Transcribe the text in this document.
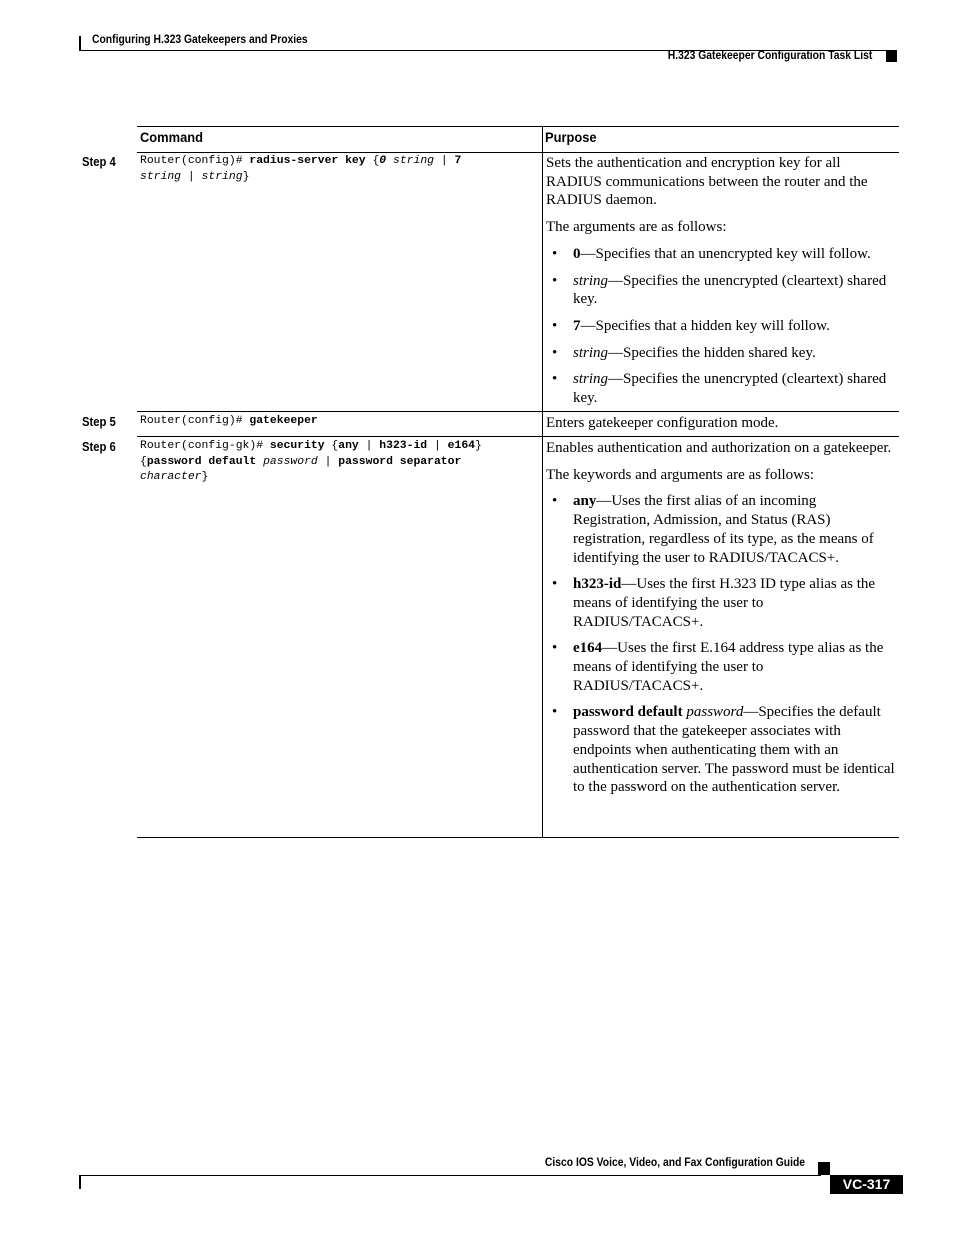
Configuring H.323 Gatekeepers and Proxies
H.323 Gatekeeper Configuration Task List
Command	Purpose
Step 4 Router(config)# radius-server key {0 string | 7
string | string}

Sets the authentication and encryption key for all RADIUS communications between the router and the RADIUS daemon.

The arguments are as follows:

• 0—Specifies that an unencrypted key will follow.
• string—Specifies the unencrypted (cleartext) shared key.
• 7—Specifies that a hidden key will follow.
• string—Specifies the hidden shared key.
• string—Specifies the unencrypted (cleartext) shared key.
Step 5 Router(config)# gatekeeper	Enters gatekeeper configuration mode.

Step 6 Router(config-gk)# security {any | h323-id | e164}
{password default password | password separator
character}

Enables authentication and authorization on a gatekeeper.

The keywords and arguments are as follows:

• any—Uses the first alias of an incoming Registration, Admission, and Status (RAS) registration, regardless of its type, as the means of identifying the user to RADIUS/TACACS+.
• h323-id—Uses the first H.323 ID type alias as the means of identifying the user to RADIUS/TACACS+.
• e164—Uses the first E.164 address type alias as the means of identifying the user to RADIUS/TACACS+.
• password default password—Specifies the default password that the gatekeeper associates with endpoints when authenticating them with an authentication server. The password must be identical to the password on the authentication server.
Cisco IOS Voice, Video, and Fax Configuration Guide
VC-317
